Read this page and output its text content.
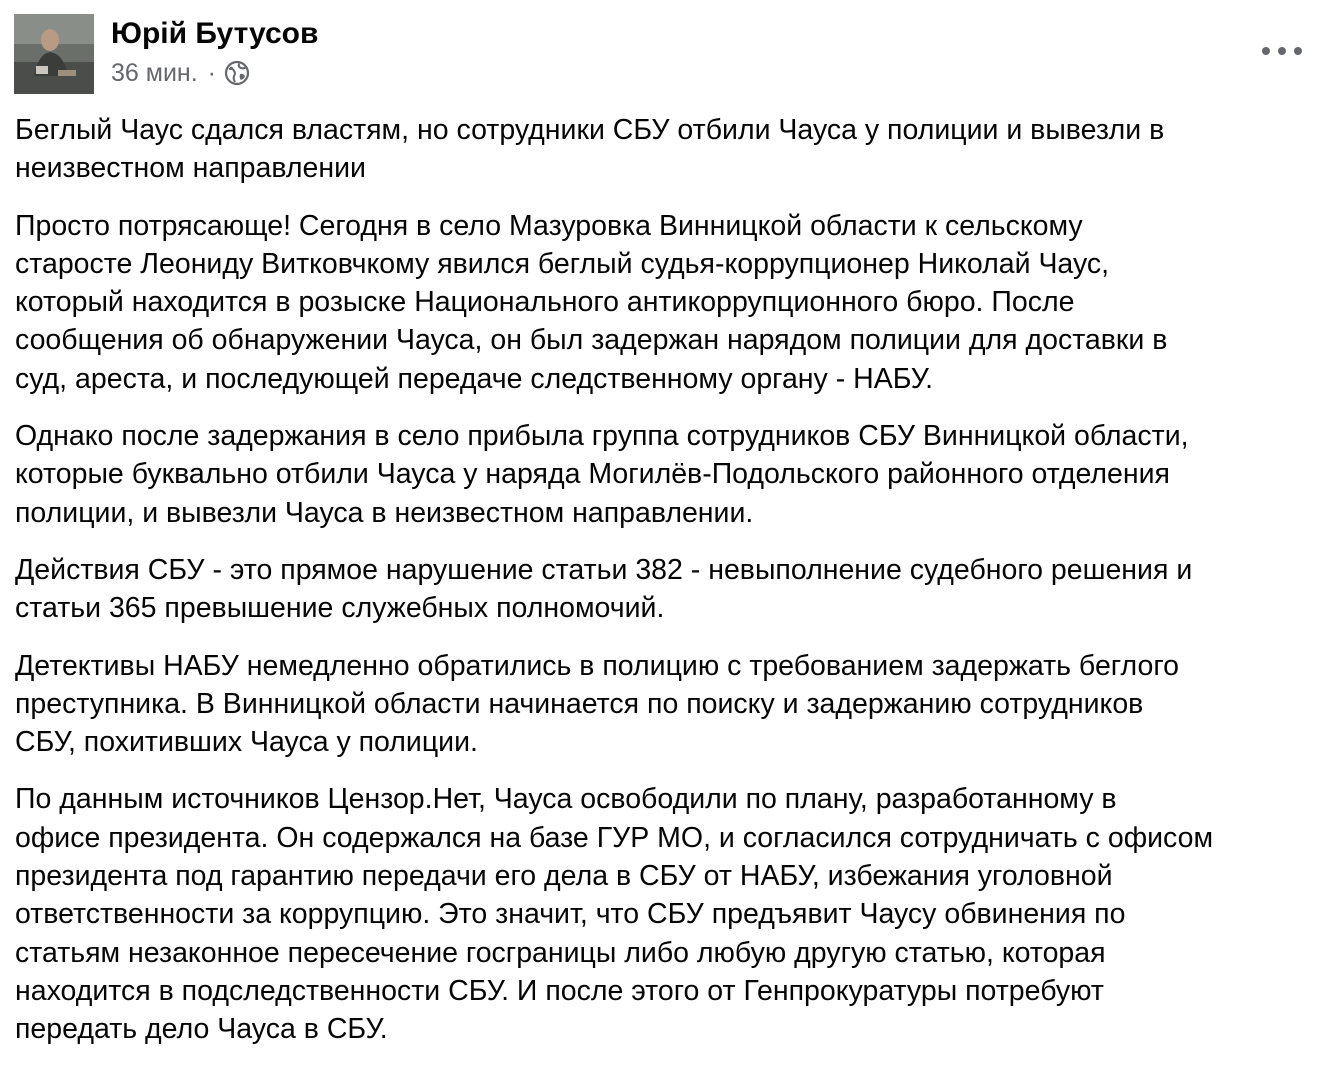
Юрій Бутусов
36 мин. ·

Беглый Чаус сдался властям, но сотрудники СБУ отбили Чауса у полиции и вывезли в
неизвестном направлении

Просто потрясающе! Сегодня в село Мазуровка Винницкой области к сельскому
старосте Леониду Витковчкому явился беглый судья-коррупционер Николай Чаус,
который находится в розыске Национального антикоррупционного бюро. После
сообщения об обнаружении Чауса, он был задержан нарядом полиции для доставки в
суд, ареста, и последующей передаче следственному органу - НАБУ.

Однако после задержания в село прибыла группа сотрудников СБУ Винницкой области,
которые буквально отбили Чауса у наряда Могилёв-Подольского районного отделения
полиции, и вывезли Чауса в неизвестном направлении.

Действия СБУ - это прямое нарушение статьи 382 - невыполнение судебного решения и
статьи 365 превышение служебных полномочий.

Детективы НАБУ немедленно обратились в полицию с требованием задержать беглого
преступника. В Винницкой области начинается по поиску и задержанию сотрудников
СБУ, похитивших Чауса у полиции.

По данным источников Цензор.Нет, Чауса освободили по плану, разработанному в
офисе президента. Он содержался на базе ГУР МО, и согласился сотрудничать с офисом
президента под гарантию передачи его дела в СБУ от НАБУ, избежания уголовной
ответственности за коррупцию. Это значит, что СБУ предъявит Чаусу обвинения по
статьям незаконное пересечение госграницы либо любую другую статью, которая
находится в подследственности СБУ. И после этого от Генпрокуратуры потребуют
передать дело Чауса в СБУ.
